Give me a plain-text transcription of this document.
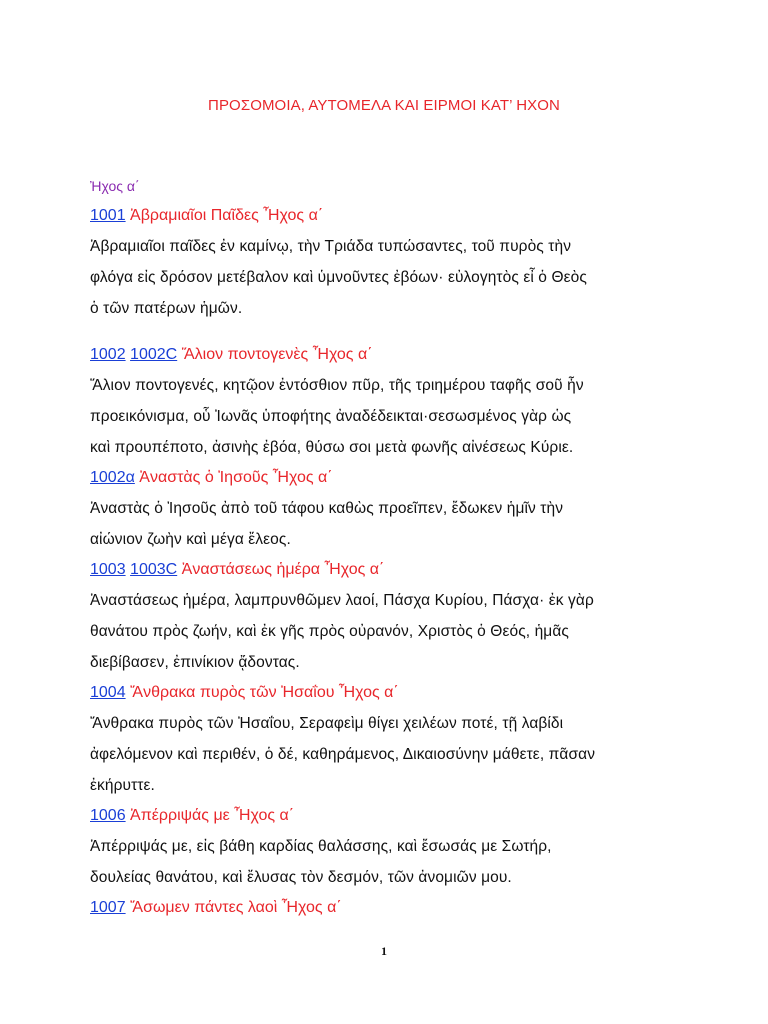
ΠΡΟΣΟΜΟΙΑ, ΑΥΤΟΜΕΛΑ ΚΑΙ ΕΙΡΜΟΙ ΚΑΤ’ ΗΧΟΝ
Ἠχος α΄
1001 Ἀβραμιαῖοι Παῖδες Ἦχος α΄
Ἀβραμιαῖοι παῖδες ἐν καμίνῳ, τὴν Τριάδα τυπώσαντες, τοῦ πυρὸς τὴν
φλόγα εἰς δρόσον μετέβαλον καὶ ὑμνοῦντες ἐβόων· εὐλογητὸς εἶ ὁ Θεὸς
ὁ τῶν πατέρων ἡμῶν.
1002 1002C Ἅλιον ποντογενὲς Ἦχος α΄
Ἅλιον ποντογενές, κητῷον ἐντόσθιον πῦρ, τῆς τριημέρου ταφῆς σοῦ ἦν
προεικόνισμα, οὗ Ἰωνᾶς ὑποφήτης ἀναδέδεικται·σεσωσμένος γὰρ ὡς
καὶ προυπέποτο, ἀσινὴς ἐβόα, θύσω σοι μετὰ φωνῆς αἰνέσεως Κύριε.
1002α Ἀναστὰς ὁ Ἰησοῦς Ἦχος α΄
Ἀναστὰς ὁ Ἰησοῦς ἀπὸ τοῦ τάφου καθὼς προεῖπεν, ἔδωκεν ἡμῖν τὴν
αἰώνιον ζωὴν καὶ μέγα ἔλεος.
1003 1003C Ἀναστάσεως ἡμέρα Ἦχος α΄
Ἀναστάσεως ἡμέρα, λαμπρυνθῶμεν λαοί, Πάσχα Κυρίου, Πάσχα· ἐκ γὰρ
θανάτου πρὸς ζωήν, καὶ ἐκ γῆς πρὸς οὐρανόν, Χριστὸς ὁ Θεός, ἡμᾶς
διεβίβασεν, ἐπινίκιον ᾄδοντας.
1004 Ἄνθρακα πυρὸς τῶν Ἠσαΐου Ἦχος α΄
Ἄνθρακα πυρὸς τῶν Ἠσαΐου, Σεραφεὶμ θίγει χειλέων ποτέ, τῇ λαβίδι
ἀφελόμενον καὶ περιθέν, ὁ δέ, καθηράμενος, Δικαιοσύνην μάθετε, πᾶσαν
ἐκήρυττε.
1006 Ἀπέρριψάς με Ἦχος α΄
Ἀπέρριψάς με, εἰς βάθη καρδίας θαλάσσης, καὶ ἔσωσάς με Σωτήρ,
δουλείας θανάτου, καὶ ἔλυσας τὸν δεσμόν, τῶν ἀνομιῶν μου.
1007 Ἄσωμεν πάντες λαοὶ Ἦχος α΄
1
